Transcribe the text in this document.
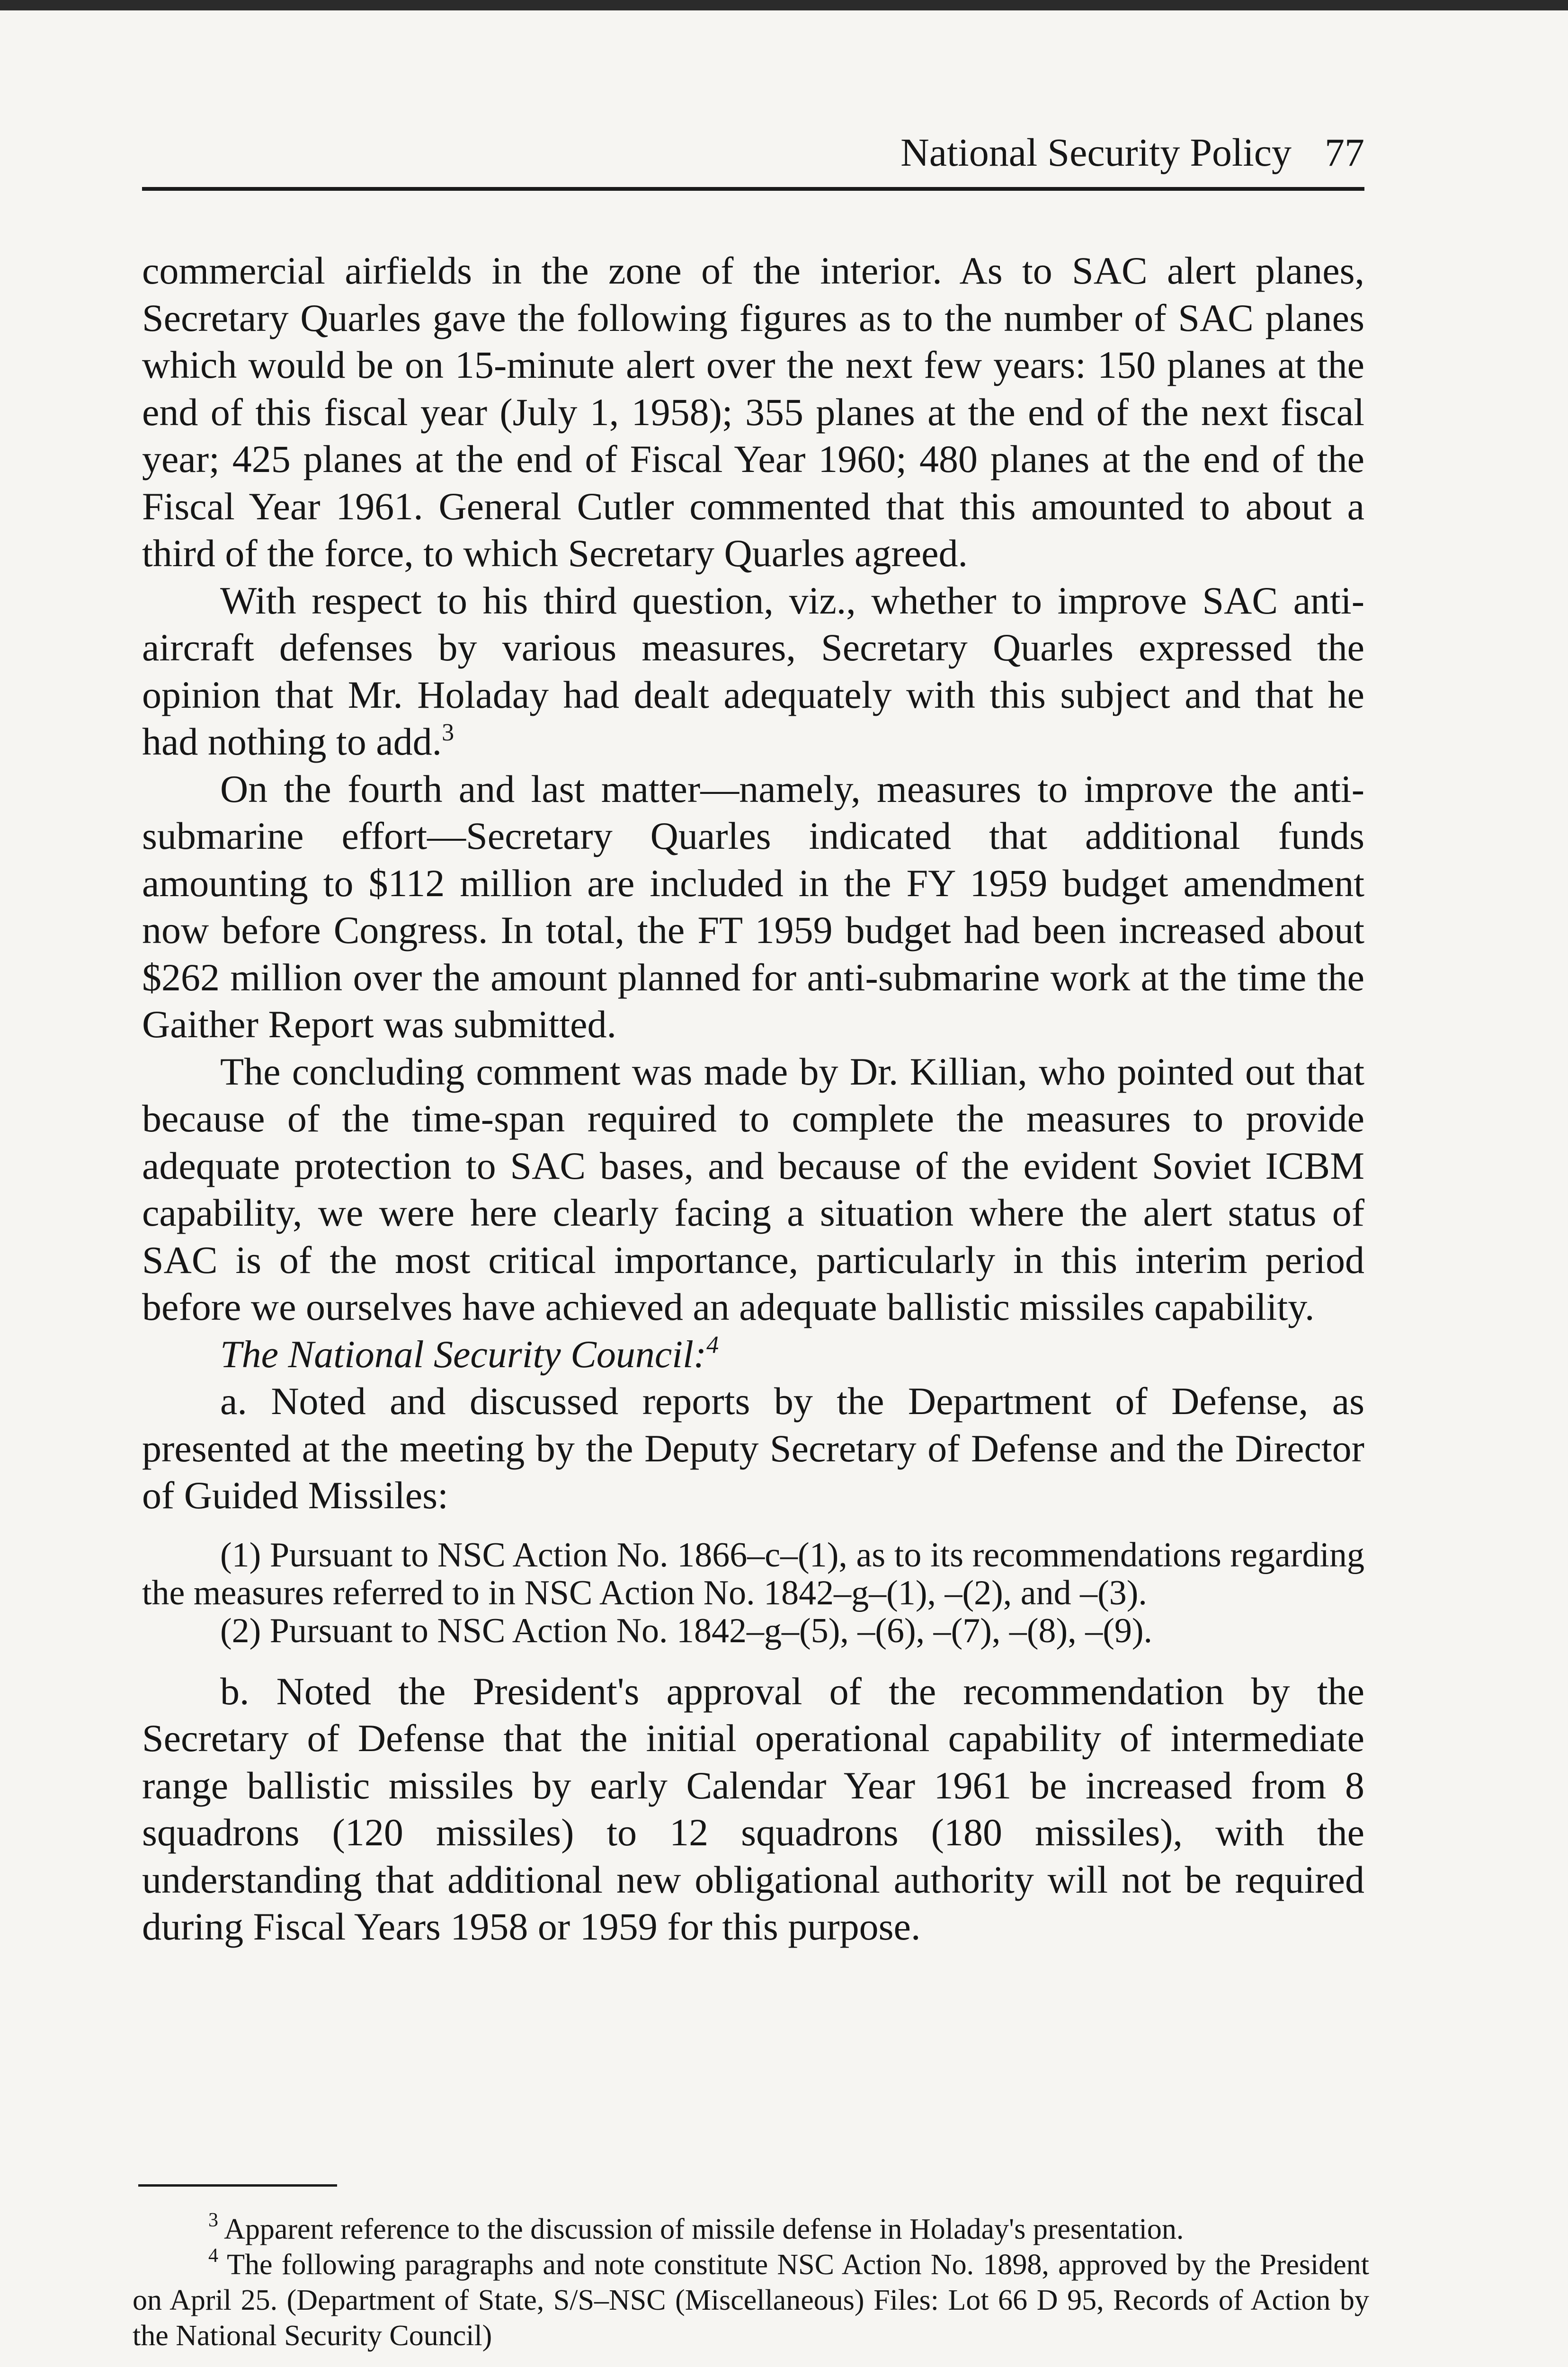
National Security Policy 77

commercial airfields in the zone of the interior. As to SAC alert planes, Secretary Quarles gave the following figures as to the number of SAC planes which would be on 15-minute alert over the next few years: 150 planes at the end of this fiscal year (July 1, 1958); 355 planes at the end of the next fiscal year; 425 planes at the end of Fiscal Year 1960; 480 planes at the end of the Fiscal Year 1961. General Cutler commented that this amounted to about a third of the force, to which Secretary Quarles agreed.

With respect to his third question, viz., whether to improve SAC anti-aircraft defenses by various measures, Secretary Quarles expressed the opinion that Mr. Holaday had dealt adequately with this subject and that he had nothing to add.$^3$

On the fourth and last matter—namely, measures to improve the anti-submarine effort—Secretary Quarles indicated that additional funds amounting to $112 million are included in the FY 1959 budget amendment now before Congress. In total, the FT 1959 budget had been increased about $262 million over the amount planned for anti-submarine work at the time the Gaither Report was submitted.

The concluding comment was made by Dr. Killian, who pointed out that because of the time-span required to complete the measures to provide adequate protection to SAC bases, and because of the evident Soviet ICBM capability, we were here clearly facing a situation where the alert status of SAC is of the most critical importance, particularly in this interim period before we ourselves have achieved an adequate ballistic missiles capability.

The National Security Council:$^4$

a. Noted and discussed reports by the Department of Defense, as presented at the meeting by the Deputy Secretary of Defense and the Director of Guided Missiles:

(1) Pursuant to NSC Action No. 1866–c–(1), as to its recommendations regarding the measures referred to in NSC Action No. 1842–g–(1), –(2), and –(3).

(2) Pursuant to NSC Action No. 1842–g–(5), –(6), –(7), –(8), –(9).

b. Noted the President's approval of the recommendation by the Secretary of Defense that the initial operational capability of intermediate range ballistic missiles by early Calendar Year 1961 be increased from 8 squadrons (120 missiles) to 12 squadrons (180 missiles), with the understanding that additional new obligational authority will not be required during Fiscal Years 1958 or 1959 for this purpose.

$^3$ Apparent reference to the discussion of missile defense in Holaday's presentation.

$^4$ The following paragraphs and note constitute NSC Action No. 1898, approved by the President on April 25. (Department of State, S/S–NSC (Miscellaneous) Files: Lot 66 D 95, Records of Action by the National Security Council)
